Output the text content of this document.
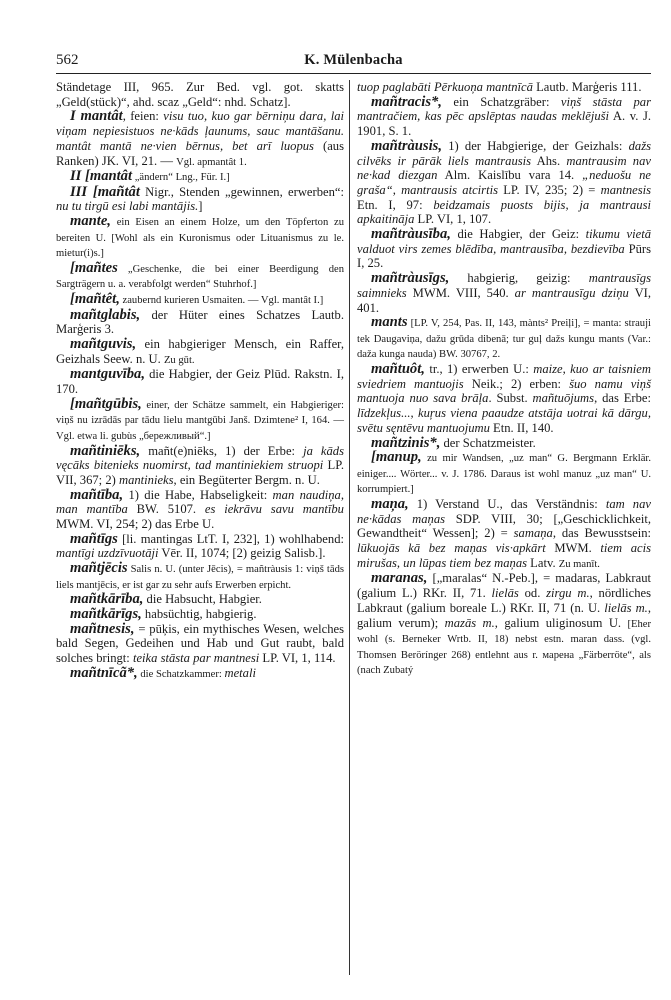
562	K. Mülenbacha

Ständetage III, 965. Zur Bed. vgl. got. skatts „Geld(stück)“, ahd. scaz „Geld“: nhd. Schatz].

I mantât, feien: visu tuo, kuo gar bērniņu dara, lai viņam nepiesistuos ne·kāds ļaunums, sauc mantāšanu. mantât mantā ne·vien bērnus, bet arī luopus (aus Ranken) JK. VI, 21. — Vgl. apmantât 1.

II [mantât „ändern“ Lng., Für. I.]

III [mañtât Nigr., Stenden „gewinnen, erwerben“: nu tu tirgū esi labi mantājis.]

mante, ein Eisen an einem Holze, um den Töpferton zu bereiten U. [Wohl als ein Kuronismus oder Lituanismus zu le. mietur(i)s.]

[mañtes „Geschenke, die bei einer Beerdigung den Sargträgern u. a. verabfolgt werden“ Stuhrhof.]

[mañtêt, zaubernd kurieren Usmaiten. — Vgl. mantât I.]

mañtglabis, der Hüter eines Schatzes Lautb. Marģeris 3.

mañtguvis, ein habgieriger Mensch, ein Raffer, Geizhals Seew. n. U. Zu gūt.

mantguvība, die Habgier, der Geiz Plūd. Rakstn. I, 170.

[mañtgūbis, einer, der Schätze sammelt, ein Habgieriger: viņš nu izrādās par tādu lielu mantgūbi Janš. Dzimtene² I, 164. — Vgl. etwa li. gubùs „бережливый“.]

mañtiniēks, mañt(e)niēks, 1) der Erbe: ja kāds vęcāks bitenieks nuomirst, tad mantiniekiem struopi LP. VII, 367; 2) mantinieks, ein Begüterter Bergm. n. U.

mañtība, 1) die Habe, Habseligkeit: man naudiņa, man mantība BW. 5107. es iekrāvu savu mantību MWM. VI, 254; 2) das Erbe U.

mañtīgs [li. mantingas LtT. I, 232], 1) wohlhabend: mantīgi uzdzīvuotāji Vēr. II, 1074; [2) geizig Salisb.].

mañtjēcis Salis n. U. (unter Jēcis), = mañtràusis 1: viņš tāds liels mantjēcis, er ist gar zu sehr aufs Erwerben erpicht.

mañtkārība, die Habsucht, Habgier.

mañtkārīgs, habsüchtig, habgierig.

mañtnesis, = pūķis, ein mythisches Wesen, welches bald Segen, Gedeihen und Hab und Gut raubt, bald solches bringt: teika stāsta par mantnesi LP. VI, 1, 114.

mañtnīcã*, die Schatzkammer: metali

tuop paglabāti Pērkuoņa mantnīcā Lautb. Marģeris 111.

mañtracis*, ein Schatzgräber: viņš stāsta par mantračiem, kas pēc apslēptas naudas meklējuši A. v. J. 1901, S. 1.

mañtràusis, 1) der Habgierige, der Geizhals: dažs cilvēks ir pārāk liels mantrausis Ahs. mantrausim nav ne·kad diezgan Alm. Kaislību vara 14. „neduošu ne graša“, mantrausis atcirtis LP. IV, 235; 2) = mantnesis Etn. I, 97: beidzamais puosts bijis, ja mantrausi apkaitināja LP. VI, 1, 107.

mañtràusība, die Habgier, der Geiz: tikumu vietā valduot virs zemes blēdība, mantrausība, bezdievība Pūrs I, 25.

mañtràusīgs, habgierig, geizig: mantrausīgs saimnieks MWM. VIII, 540. ar mantrausīgu dziņu VI, 401.

mants [LP. V, 254, Pas. II, 143, mànts² Preiļi], = manta: strauji tek Daugaviņa, dažu grūda dibenā; tur guļ dažs kungu mants (Var.: daža kunga nauda) BW. 30767, 2.

mañtuôt, tr., 1) erwerben U.: maize, kuo ar taisniem sviedriem mantuojis Neik.; 2) erben: šuo namu viņš mantuoja nuo sava brāļa. Subst. mañtuōjums, das Erbe: līdzekļus..., kuŗus viena paaudze atstāja uotrai kā dārgu, svētu sęntēvu mantuojumu Etn. II, 140.

mañtzinis*, der Schatzmeister.

[manup, zu mir Wandsen, „uz man“ G. Bergmann Erklär. einiger.... Wörter... v. J. 1786. Daraus ist wohl manuz „uz man“ U. korrumpiert.]

maņa, 1) Verstand U., das Verständnis: tam nav ne·kādas maņas SDP. VIII, 30; [„Geschicklichkeit, Gewandtheit“ Wessen]; 2) = samaņa, das Bewusstsein: lūkuojās kā bez maņas vis·apkārt MWM. tiem acis mirušas, un lūpas tiem bez maņas Latv. Zu manīt.

maranas, [„maralas“ N.-Peb.], = madaras, Labkraut (galium L.) RKr. II, 71. lielās od. zirgu m., nördliches Labkraut (galium boreale L.) RKr. II, 71 (n. U. lielās m., galium verum); mazās m., galium uliginosum U. [Eher wohl (s. Berneker Wrtb. II, 18) nebst estn. maran dass. (vgl. Thomsen Berörínger 268) entlehnt aus r. марена „Färberröte“, als (nach Zubatý
